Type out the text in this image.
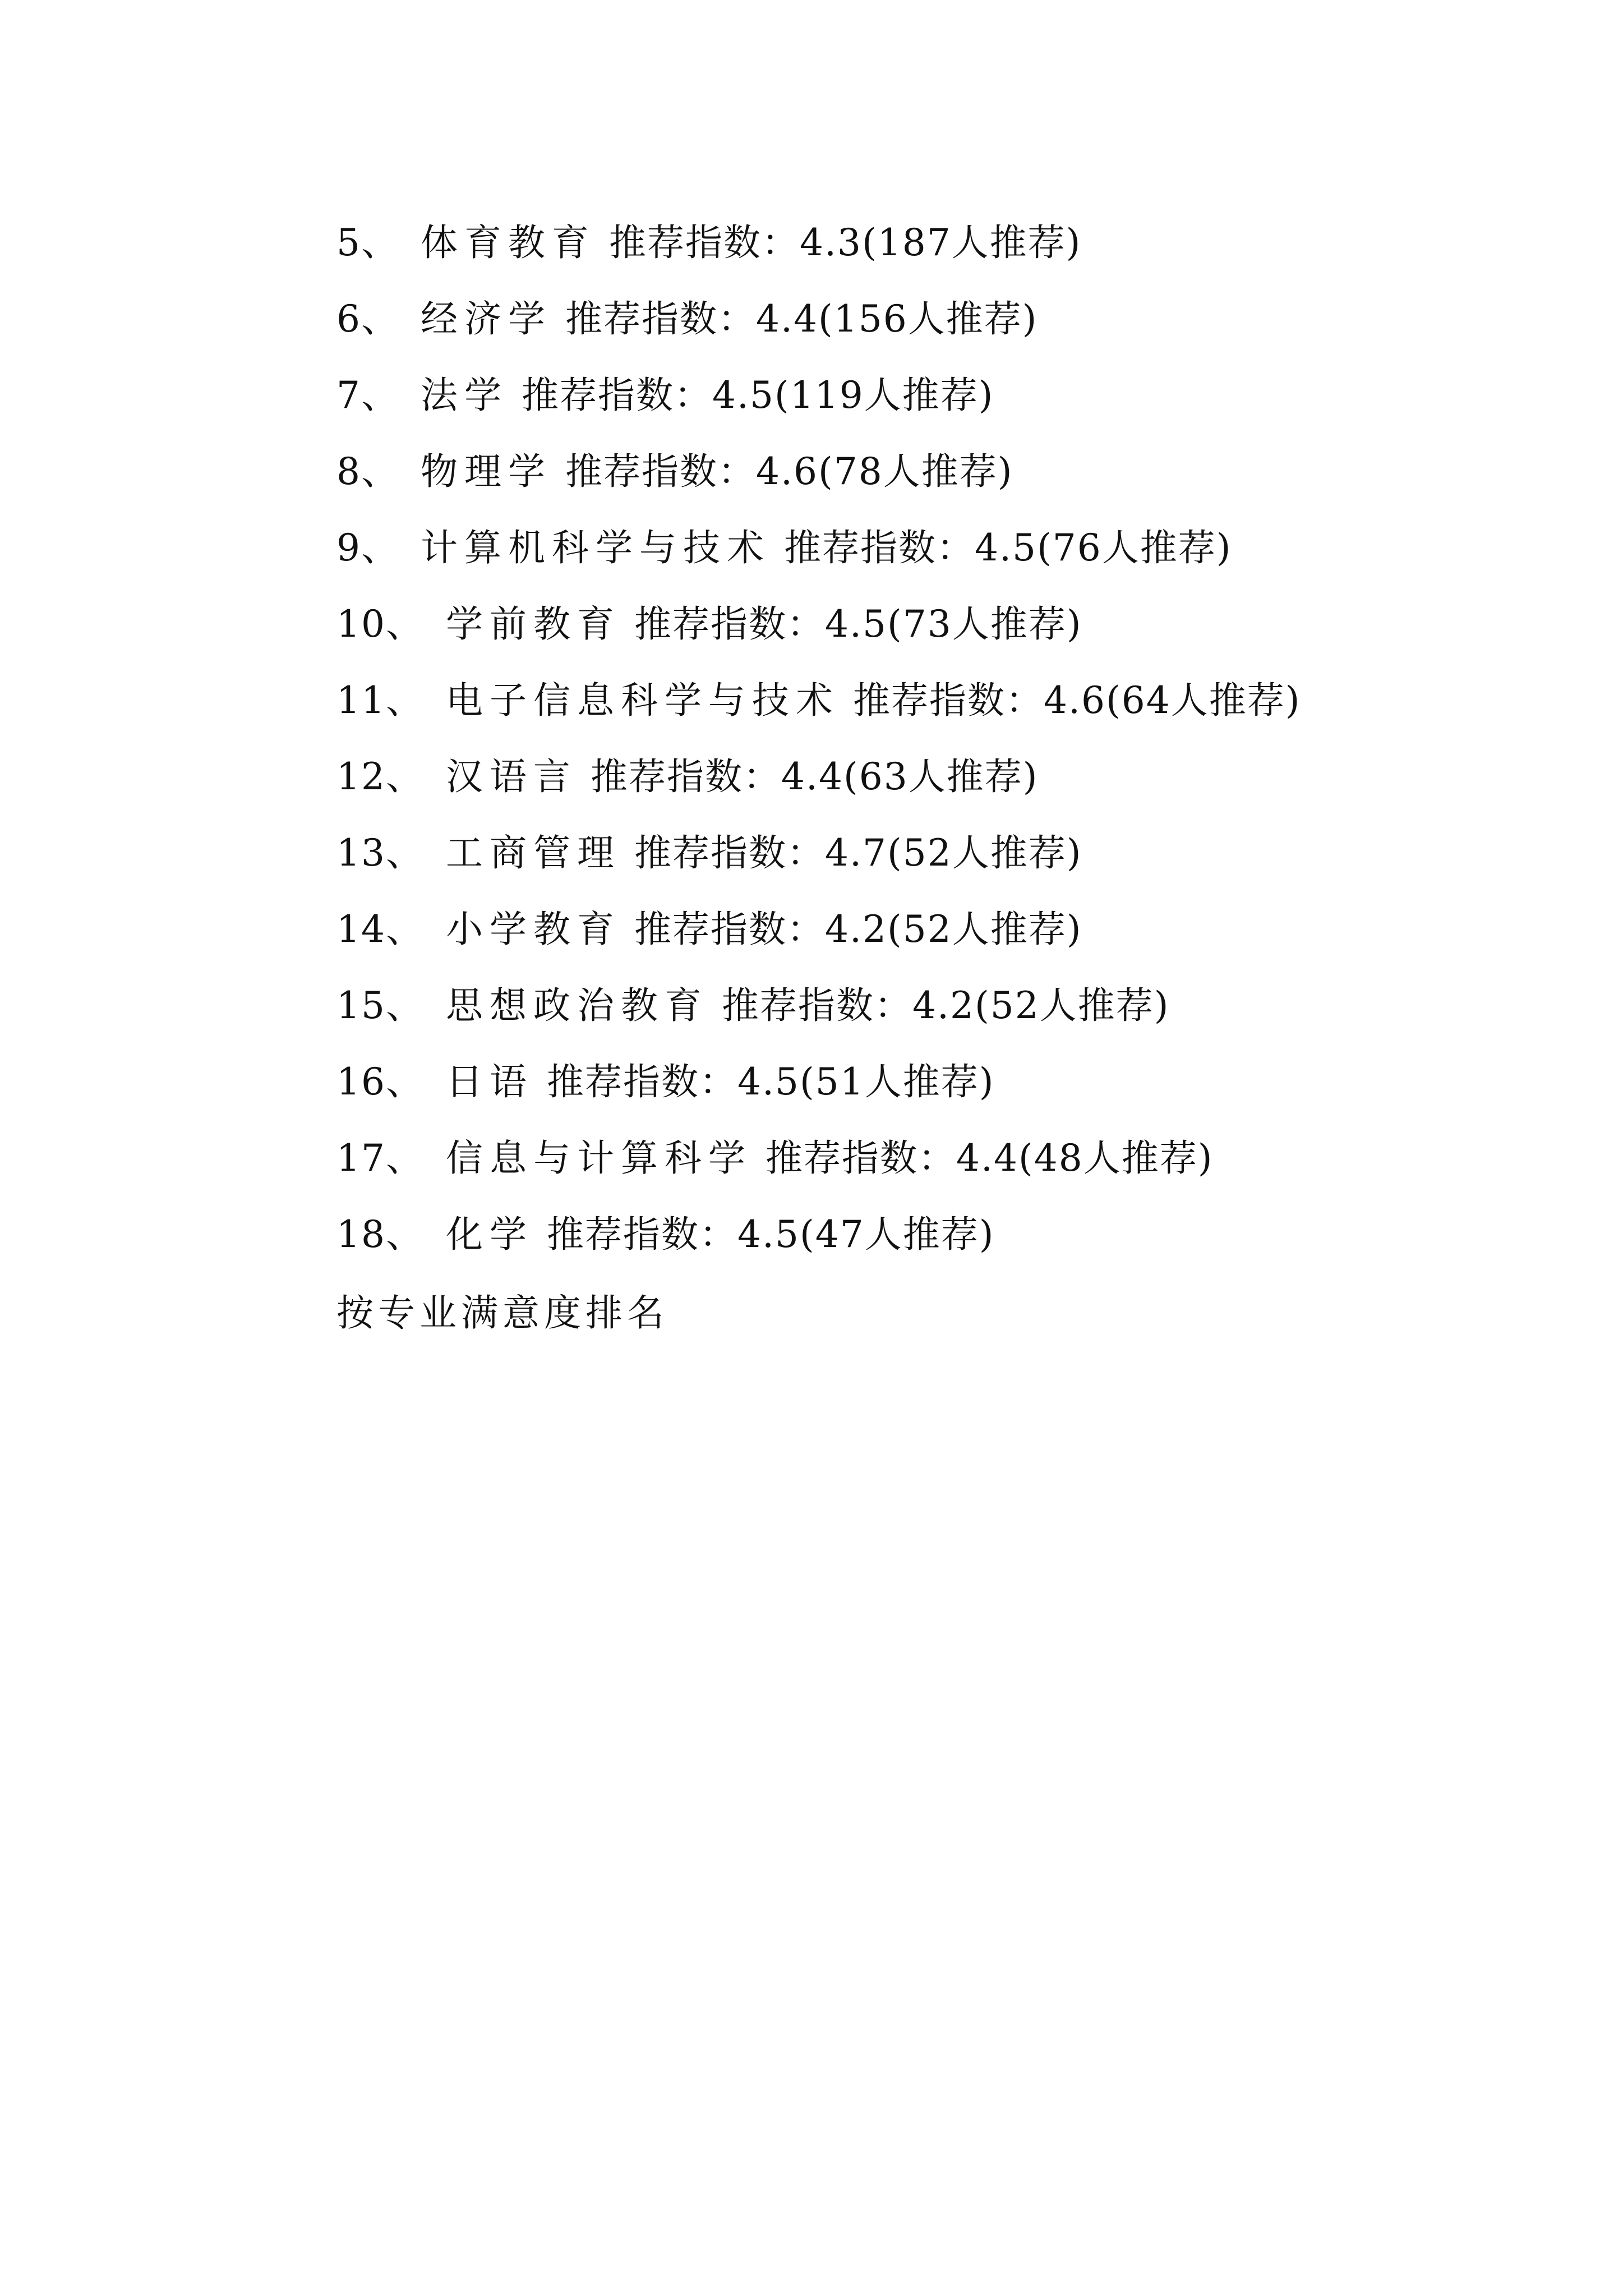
5、 体育教育 推荐指数：4.3(187人推荐)
6、 经济学 推荐指数：4.4(156人推荐)
7、 法学 推荐指数：4.5(119人推荐)
8、 物理学 推荐指数：4.6(78人推荐)
9、 计算机科学与技术 推荐指数：4.5(76人推荐)
10、 学前教育 推荐指数：4.5(73人推荐)
11、 电子信息科学与技术 推荐指数：4.6(64人推荐)
12、 汉语言 推荐指数：4.4(63人推荐)
13、 工商管理 推荐指数：4.7(52人推荐)
14、 小学教育 推荐指数：4.2(52人推荐)
15、 思想政治教育 推荐指数：4.2(52人推荐)
16、 日语 推荐指数：4.5(51人推荐)
17、 信息与计算科学 推荐指数：4.4(48人推荐)
18、 化学 推荐指数：4.5(47人推荐)
按专业满意度排名
